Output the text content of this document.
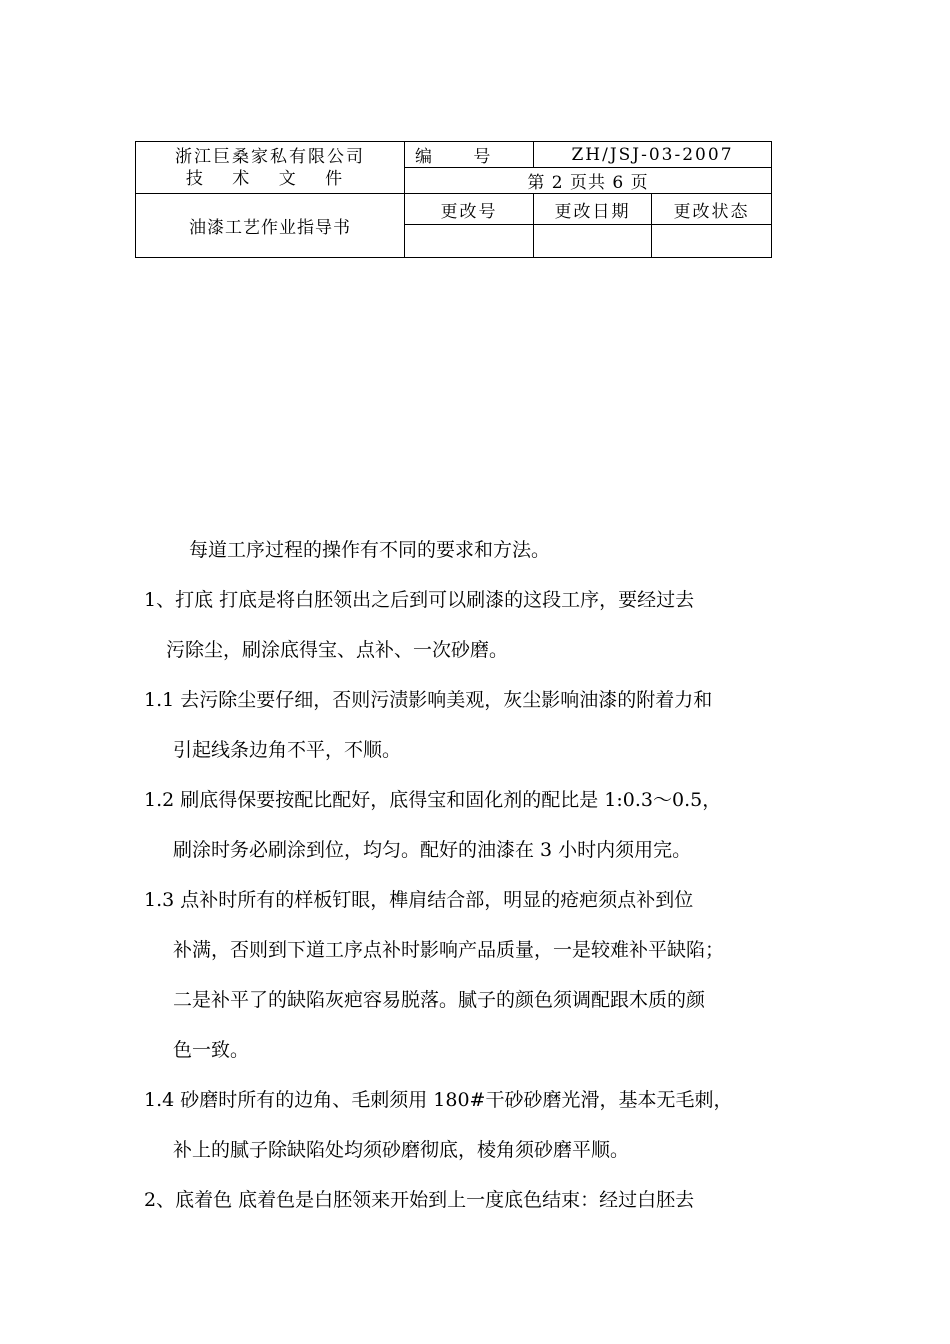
浙江巨桑家私有限公司
技 术 文 件	编 号	ZH/JSJ-03-2007	
	第 2 页共 6 页		
油漆工艺作业指导书	更改号	更改日期	更改状态

每道工序过程的操作有不同的要求和方法。
1、打底 打底是将白胚领出之后到可以刷漆的这段工序，要经过去
污除尘，刷涂底得宝、点补、一次砂磨。
1.1 去污除尘要仔细，否则污渍影响美观，灰尘影响油漆的附着力和
引起线条边角不平，不顺。
1.2 刷底得保要按配比配好，底得宝和固化剂的配比是 1:0.3～0.5，
刷涂时务必刷涂到位，均匀。配好的油漆在 3 小时内须用完。
1.3 点补时所有的样板钉眼，榫肩结合部，明显的疮疤须点补到位
补满，否则到下道工序点补时影响产品质量，一是较难补平缺陷；
二是补平了的缺陷灰疤容易脱落。腻子的颜色须调配跟木质的颜
色一致。
1.4 砂磨时所有的边角、毛刺须用 180#干砂砂磨光滑，基本无毛刺，
补上的腻子除缺陷处均须砂磨彻底，棱角须砂磨平顺。
2、底着色 底着色是白胚领来开始到上一度底色结束：经过白胚去
